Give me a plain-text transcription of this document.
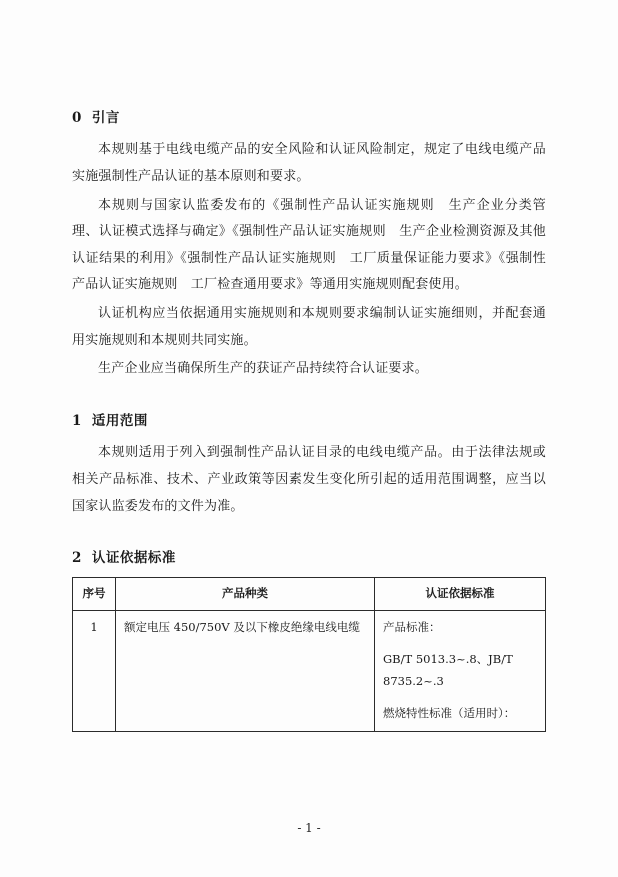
0 引言

本规则基于电线电缆产品的安全风险和认证风险制定，规定了电线电缆产品实施强制性产品认证的基本原则和要求。

本规则与国家认监委发布的《强制性产品认证实施规则　生产企业分类管理、认证模式选择与确定》《强制性产品认证实施规则　生产企业检测资源及其他认证结果的利用》《强制性产品认证实施规则　工厂质量保证能力要求》《强制性产品认证实施规则　工厂检查通用要求》等通用实施规则配套使用。

认证机构应当依据通用实施规则和本规则要求编制认证实施细则，并配套通用实施规则和本规则共同实施。

生产企业应当确保所生产的获证产品持续符合认证要求。

1 适用范围

本规则适用于列入到强制性产品认证目录的电线电缆产品。由于法律法规或相关产品标准、技术、产业政策等因素发生变化所引起的适用范围调整，应当以国家认监委发布的文件为准。

2 认证依据标准
序号	产品种类	认证依据标准
1	额定电压 450/750V 及以下橡皮绝缘电线电缆	产品标准：
GB/T 5013.3~.8、JB/T 8735.2~.3
燃烧特性标准（适用时）：
- 1 -
